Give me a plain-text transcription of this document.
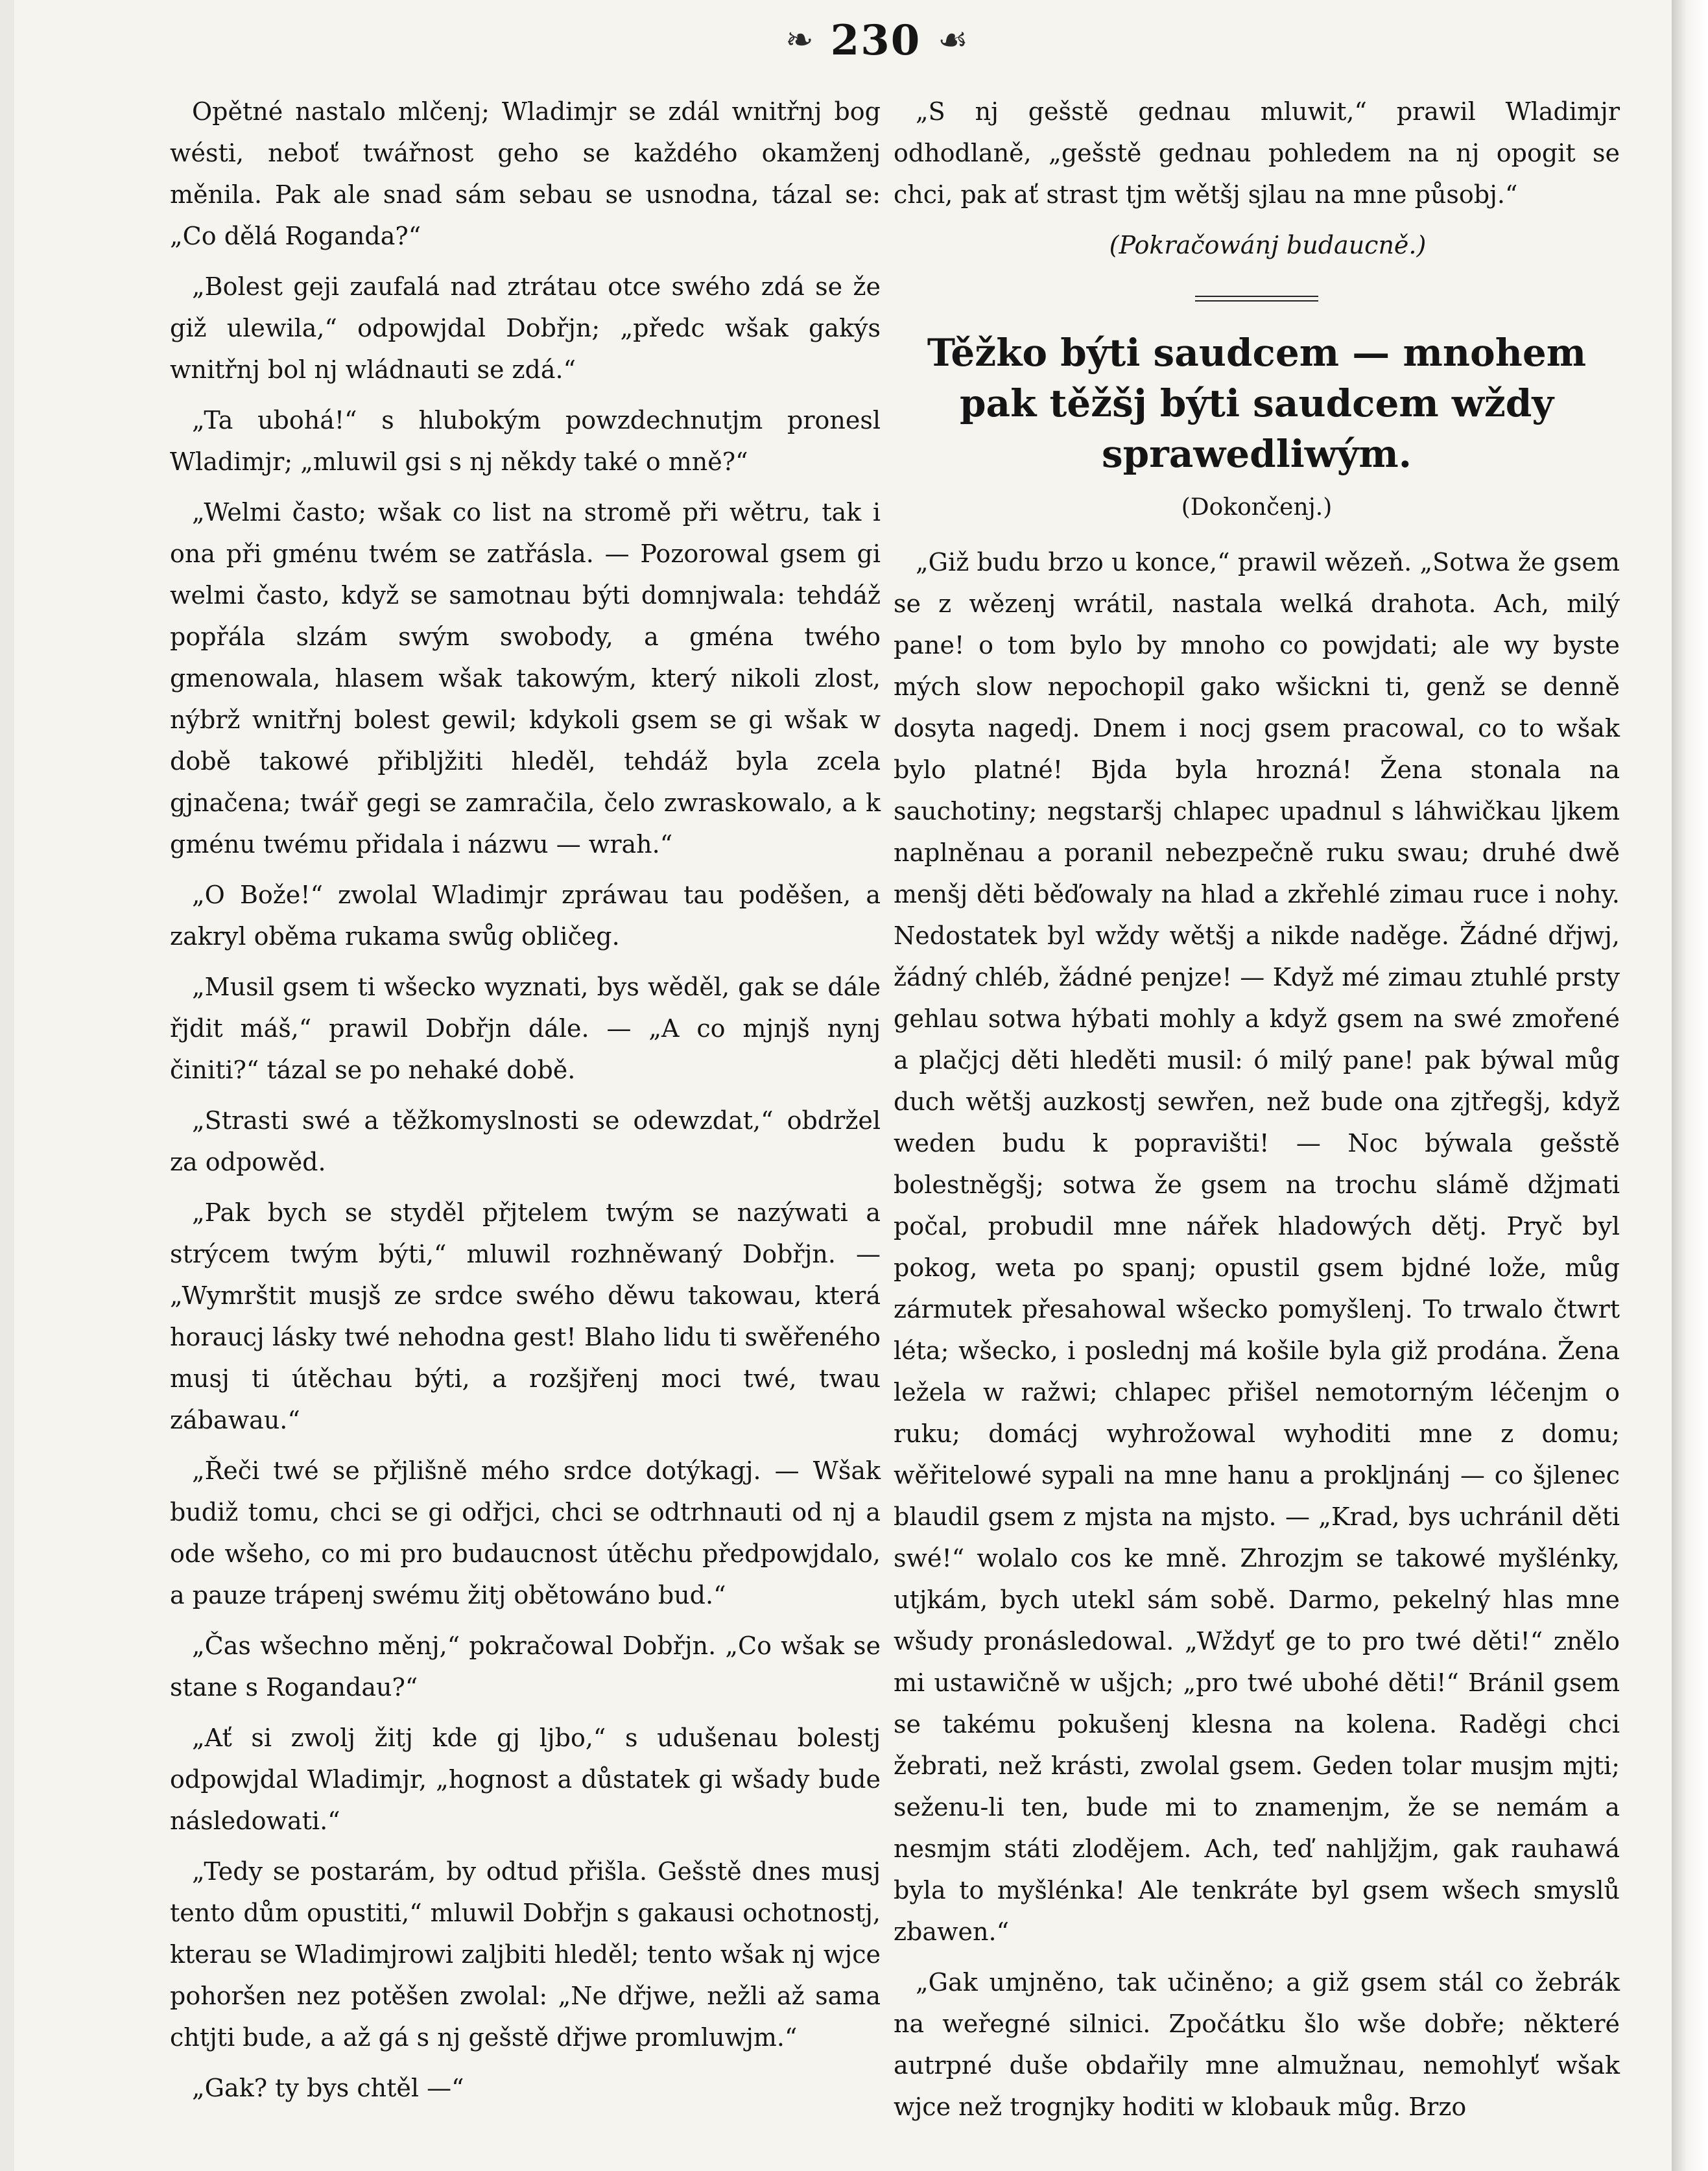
❧ 230 ☙

Opětné nastalo mlčenj; Wladimjr se zdál wnitřnj bog wésti, neboť twářnost geho se každého okamženj měnila. Pak ale snad sám sebau se usnodna, tázal se: „Co dělá Rogandа?“

„Bolest geji zaufalá nad ztrátau otce swého zdá se že giž ulewila,“ odpowjdal Dobřjn; „předc wšak gakýs wnitřnj bol nj wládnauti se zdá.“

„Ta ubohá!“ s hlubokým powzdechnutjm pronesl Wladimjr; „mluwil gsi s nj někdy také o mně?“

„Welmi často; wšak co list na stromě při wětru, tak i ona při gménu twém se zatřásla. — Pozorowal gsem gi welmi často, když se samotnau býti domnjwala: tehdáž popřála slzám swým swobody, a gména twého gmenowala, hlasem wšak takowým, který nikoli zlost, nýbrž wnitřnj bolest gewil; kdykoli gsem se gi wšak w době takowé přiblјžiti hleděl, tehdáž byla zcela gjnačena; twář gegi se zamračila, čelo zwraskowalo, a k gménu twému přidala i názwu — wrah.“

„O Bože!“ zwolal Wladimjr zpráwau tau poděšen, a zakryl oběma rukama swůg obličeg.

„Musil gsem ti wšecko wyznati, bys wěděl, gak se dále řjdit máš,“ prawil Dobřjn dále. — „A co mjnjš nynj činiti?“ tázal se po nehaké době.

„Strasti swé a těžkomyslnosti se odewzdat,“ obdržel za odpowěd.

„Pak bych se styděl přjtelem twým se nazýwati a strýcem twým býti,“ mluwil rozhněwaný Dobřjn. — „Wymrštit musjš ze srdce swého děwu takowau, která horaucj lásky twé nehodna gest! Blaho lidu ti swěřeného musj ti útěchau býti, a rozšjřenj moci twé, twau zábawau.“

„Řeči twé se přjlišně mého srdce dotýkagj. — Wšak budiž tomu, chci se gi odřjci, chci se odtrhnauti od nj a ode wšeho, co mi pro budaucnost útěchu předpowjdalo, a pauze trápenj swému žitj obětowáno bud.“

„Čas wšechno měnj,“ pokračowal Dobřjn. „Co wšak se stane s Rogandau?“

„Ať si zwolj žitj kde gj ljbo,“ s udušenau bolestj odpowjdal Wladimjr, „hognost a důstatek gi wšady bude následowati.“

„Tedy se postarám, by odtud přišla. Gešstě dnes musj tento dům opustiti,“ mluwil Dobřjn s gakausi ochotnostj, kterau se Wladimjrowi zaljbiti hleděl; tento wšak nj wjce pohoršen nez potěšen zwolal: „Ne dřjwe, nežli až sama chtjti bude, a až gá s nj gešstě dřjwe promluwjm.“

„Gak? ty bys chtěl —“

„S nj gešstě gednau mluwit,“ prawil Wladimjr odhodlaně, „gešstě gednau pohledem na nj opogit se chci, pak ať strast tjm wětšj sjlau na mne působj.“

(Pokračowánj budaucně.)

Těžko býti saudcem — mnohem pak těžšj býti saudcem wždy sprawedliwým.
(Dokončenj.)

„Giž budu brzo u konce,“ prawil wězeň. „Sotwa že gsem se z wězenj wrátil, nastala welká drahota. Ach, milý pane! o tom bylo by mnoho co powjdati; ale wy byste mých slow nepochopil gako wšickni ti, genž se denně dosyta nagedj. Dnem i nocj gsem pracowal, co to wšak bylo platné! Bjda byla hrozná! Žena stonala na sauchotiny; negstaršj chlapec upadnul s láhwičkau ljkem naplněnau a poranil nebezpečně ruku swau; druhé dwě menšj děti běďowaly na hlad a zkřehlé zimau ruce i nohy. Nedostatek byl wždy wětšj a nikde naděge. Žádné dřjwj, žádný chléb, žádné penjze! — Když mé zimau ztuhlé prsty gehlau sotwa hýbati mohly a když gsem na swé zmořené a plačjcj děti hleděti musil: ó milý pane! pak býwal můg duch wětšj auzkostj sewřen, než bude ona zjtřegšj, když weden budu k popravišti! — Noc býwala gešstě bolestněgšj; sotwa že gsem na trochu slámě džjmati počal, probudil mne nářek hladowých dětj. Pryč byl pokog, weta po spanj; opustil gsem bjdné lože, můg zármutek přesahowal wšecko pomyšlenj. To trwalo čtwrt léta; wšecko, i poslednj má košile byla giž prodána. Žena ležela w ražwi; chlapec přišel nemotorným léčenjm o ruku; domácj wyhrožowal wyhoditi mne z domu; wěřitelowé sypali na mne hanu a proklјnánj — co šjlenec blaudil gsem z mjsta na mjsto. — „Krad, bys uchránil děti swé!“ wolalo cos ke mně. Zhrozjm se takowé myšlénky, utjkám, bych utekl sám sobě. Darmo, pekelný hlas mne wšudy pronásledowal. „Wždyť ge to pro twé děti!“ znělo mi ustawičně w ušjch; „pro twé ubohé děti!“ Bránil gsem se takému pokušenj klesna na kolena. Raděgi chci žebrati, než krásti, zwolal gsem. Geden tolar musjm mjti; seženu-li ten, bude mi to znamenjm, že se nemám a nesmjm státi zlodějem. Ach, teď nahljžjm, gak rauhawá byla to myšlénka! Ale tenkráte byl gsem wšech smyslů zbawen.“

„Gak umjněno, tak učiněno; a giž gsem stál co žebrák na weřegné silnici. Zpočátku šlo wše dobře; některé autrpné duše obdařily mne almužnau, nemohlyť wšak wjce než trognjky hoditi w klobauk můg. Brzo
